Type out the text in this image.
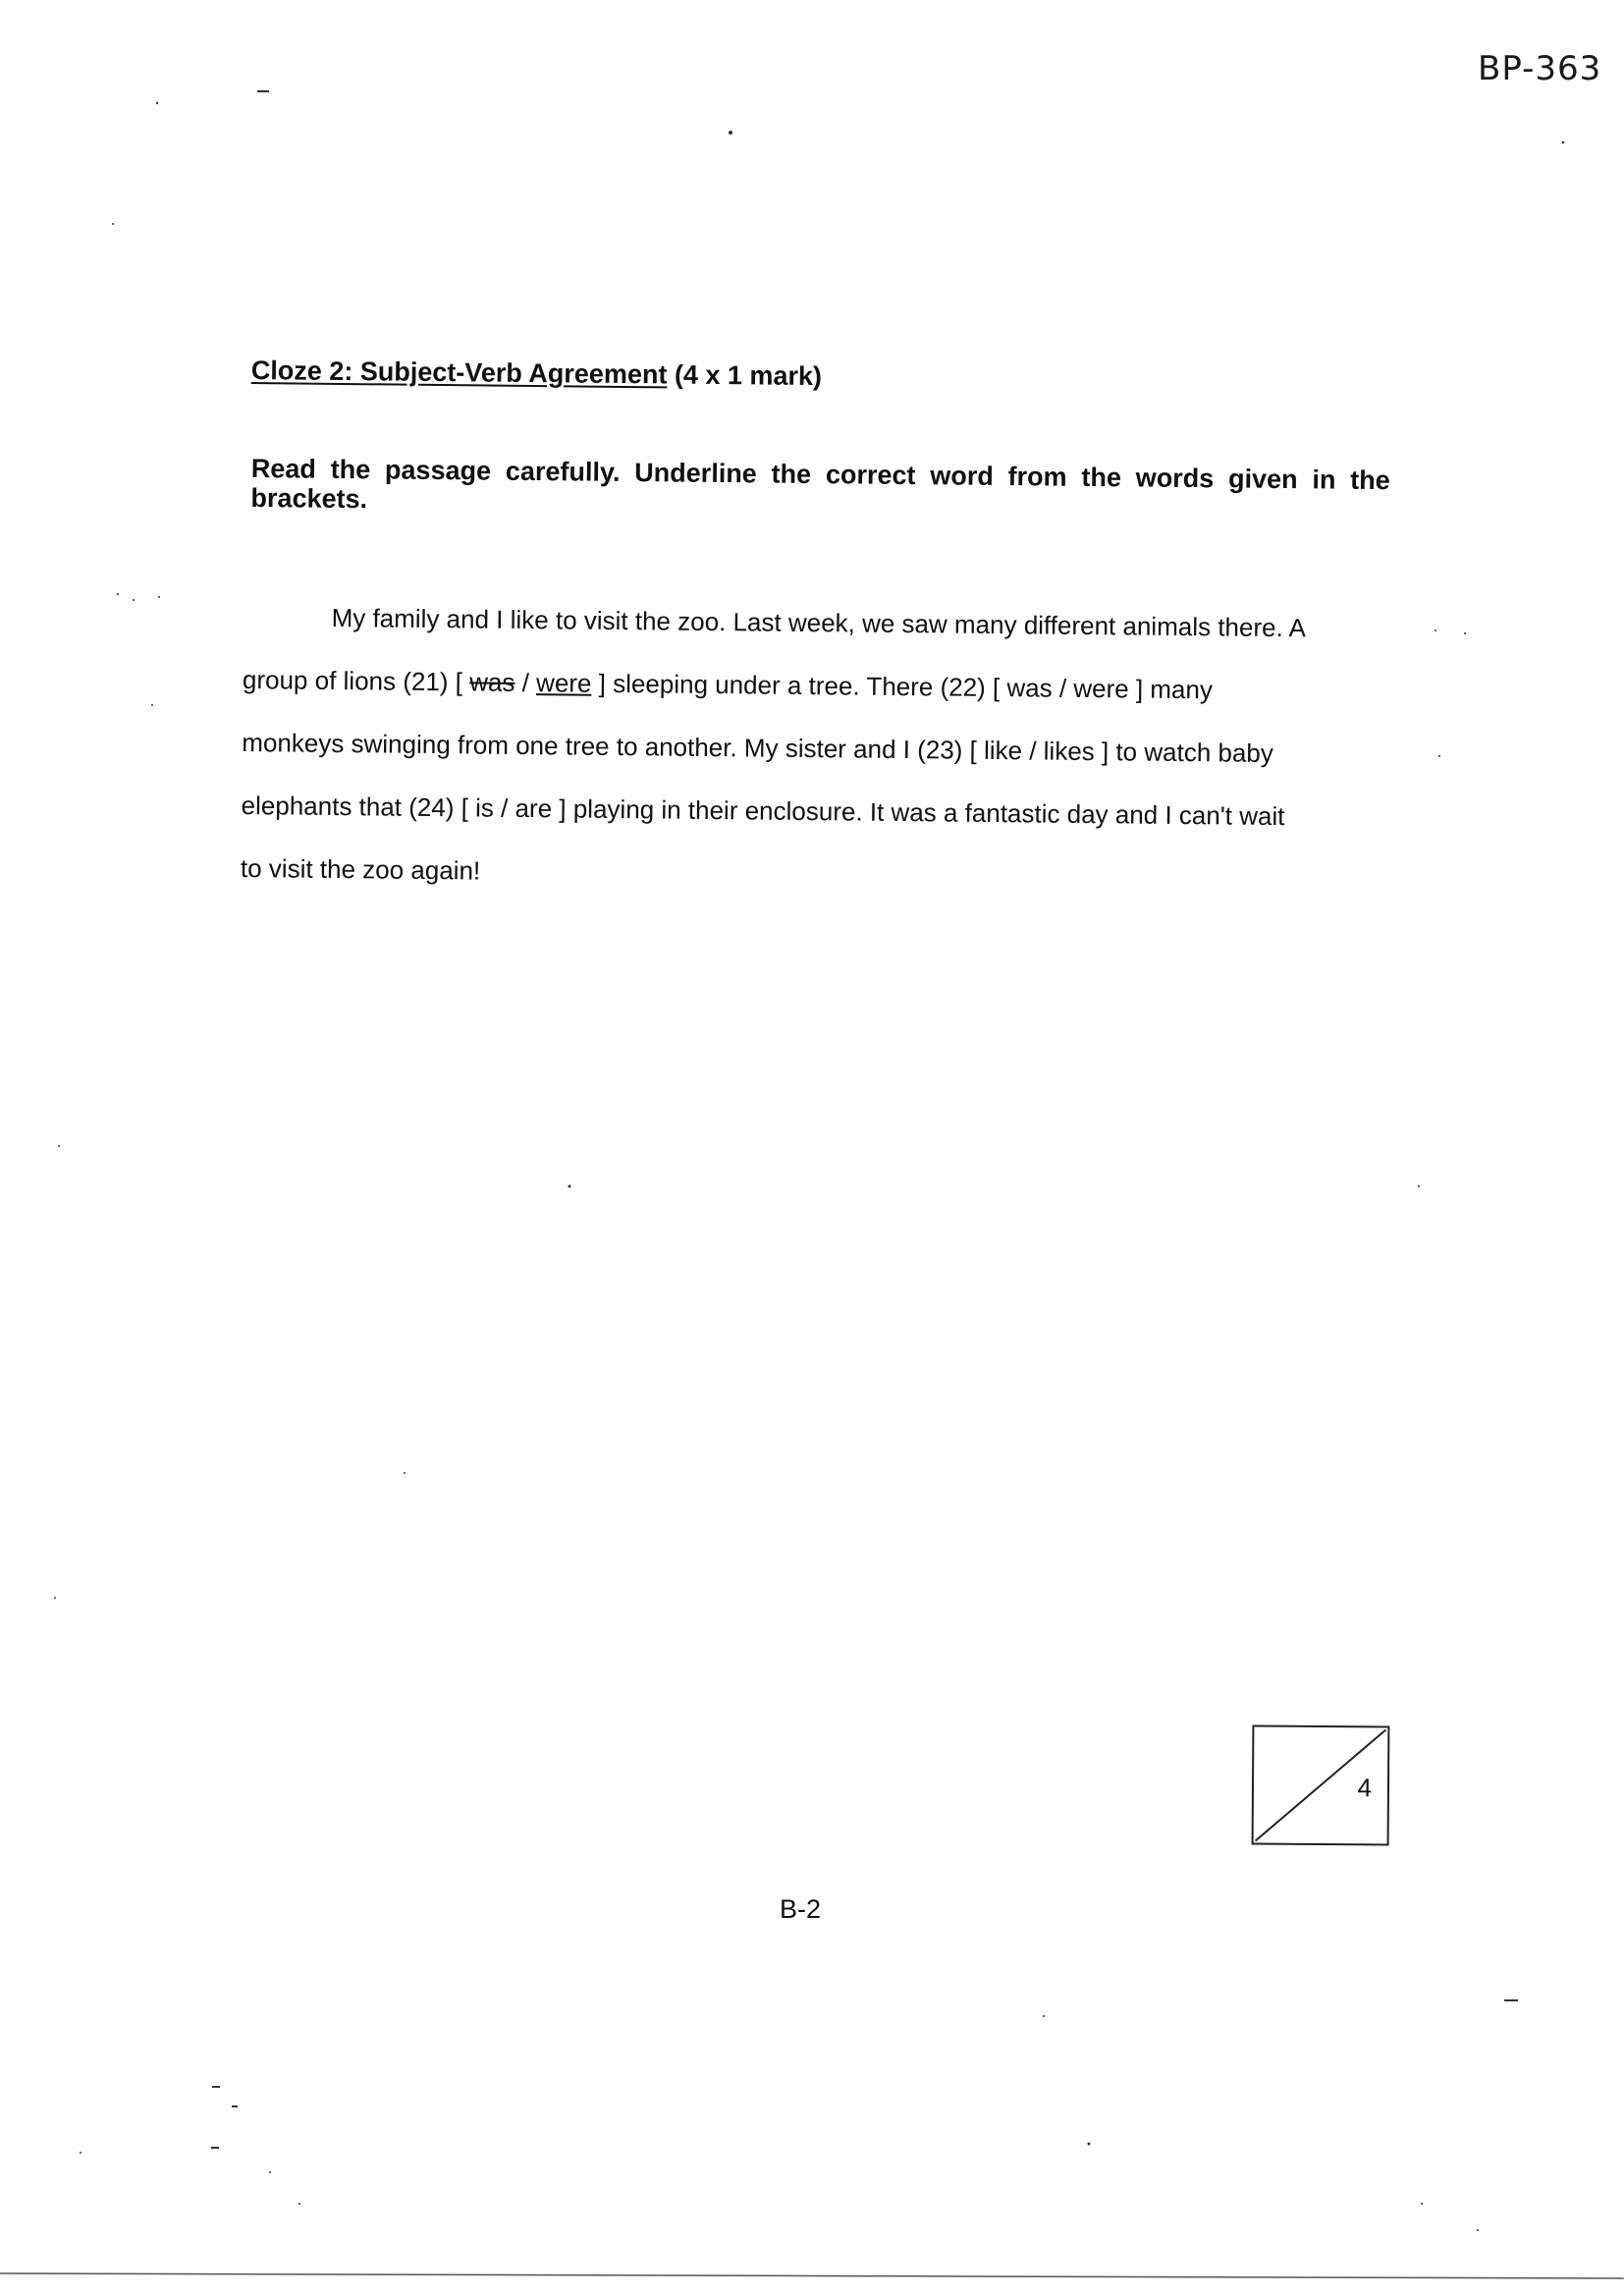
BP-363
Cloze 2: Subject-Verb Agreement (4 x 1 mark)
Read the passage carefully. Underline the correct word from the words given in the brackets.
My family and I like to visit the zoo. Last week, we saw many different animals there. A
group of lions (21) [ was / were ] sleeping under a tree. There (22) [ was / were ] many
monkeys swinging from one tree to another. My sister and I (23) [ like / likes ] to watch baby
elephants that (24) [ is / are ] playing in their enclosure. It was a fantastic day and I can't wait
to visit the zoo again!
4
B-2
